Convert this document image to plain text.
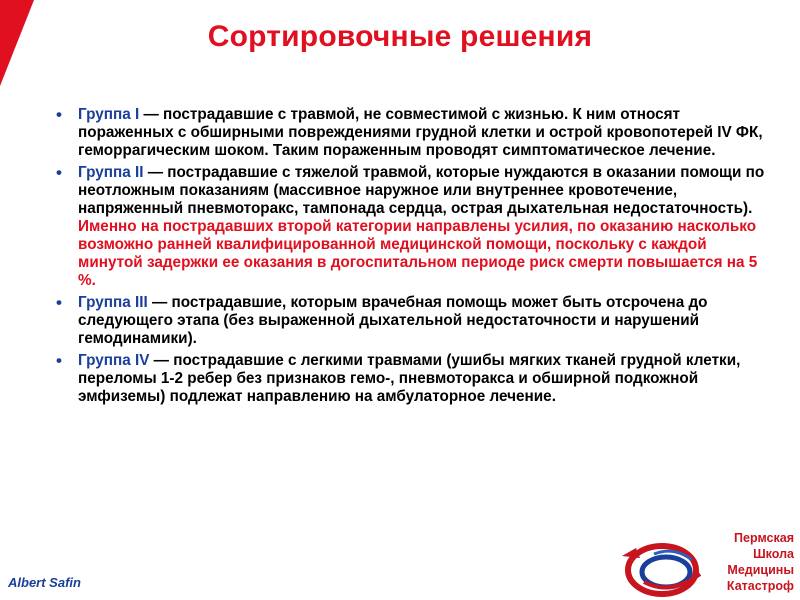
Сортировочные решения
• Группа I — пострадавшие с травмой, не совместимой с жизнью. К ним относят пораженных с обширными повреждениями грудной клетки и острой кровопотерей IV ФК, геморрагическим шоком. Таким пораженным проводят симптоматическое лечение.
• Группа II — пострадавшие с тяжелой травмой, которые нуждаются в оказании помощи по неотложным показаниям (массивное наружное или внутреннее кровотечение, напряженный пневмоторакс, тампонада сердца, острая дыхательная недостаточность). Именно на пострадавших второй категории направлены усилия, по оказанию насколько возможно ранней квалифицированной медицинской помощи, поскольку с каждой минутой задержки ее оказания в догоспитальном периоде риск смерти повышается на 5 %.
• Группа III — пострадавшие, которым врачебная помощь может быть отсрочена до следующего этапа (без выраженной дыхательной недостаточности и нарушений гемодинамики).
• Группа IV — пострадавшие с легкими травмами (ушибы мягких тканей грудной клетки, переломы 1-2 ребер без признаков гемо-, пневмоторакса и обширной подкожной эмфиземы) подлежат направлению на амбулаторное лечение.
Albert Safin
Пермская
Школа
Медицины
Катастроф
